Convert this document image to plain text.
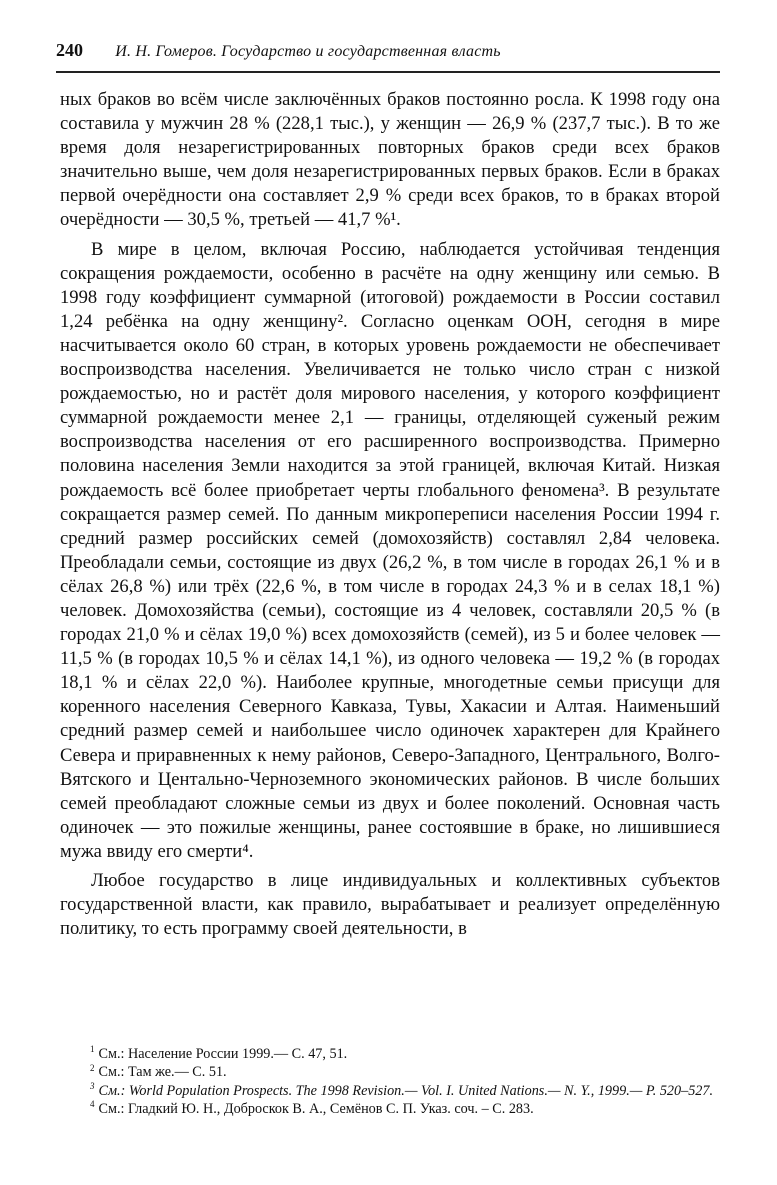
240 И. Н. Гомеров. Государство и государственная власть

ных браков во всём числе заключённых браков постоянно росла. К 1998 году она составила у мужчин 28 % (228,1 тыс.), у женщин — 26,9 % (237,7 тыс.). В то же время доля незарегистрированных повторных браков среди всех браков значительно выше, чем доля незарегистрированных первых браков. Если в браках первой очерёдности она составляет 2,9 % среди всех браков, то в браках второй очерёдности — 30,5 %, третьей — 41,7 %¹.

В мире в целом, включая Россию, наблюдается устойчивая тенденция сокращения рождаемости, особенно в расчёте на одну женщину или семью. В 1998 году коэффициент суммарной (итоговой) рождаемости в России составил 1,24 ребёнка на одну женщину². Согласно оценкам ООН, сегодня в мире насчитывается около 60 стран, в которых уровень рождаемости не обеспечивает воспроизводства населения. Увеличивается не только число стран с низкой рождаемостью, но и растёт доля мирового населения, у которого коэффициент суммарной рождаемости менее 2,1 — границы, отделяющей суженый режим воспроизводства населения от его расширенного воспроизводства. Примерно половина населения Земли находится за этой границей, включая Китай. Низкая рождаемость всё более приобретает черты глобального феномена³. В результате сокращается размер семей. По данным микропереписи населения России 1994 г. средний размер российских семей (домохозяйств) составлял 2,84 человека. Преобладали семьи, состоящие из двух (26,2 %, в том числе в городах 26,1 % и в сёлах 26,8 %) или трёх (22,6 %, в том числе в городах 24,3 % и в селах 18,1 %) человек. Домохозяйства (семьи), состоящие из 4 человек, составляли 20,5 % (в городах 21,0 % и сёлах 19,0 %) всех домохозяйств (семей), из 5 и более человек — 11,5 % (в городах 10,5 % и сёлах 14,1 %), из одного человека — 19,2 % (в городах 18,1 % и сёлах 22,0 %). Наиболее крупные, многодетные семьи присущи для коренного населения Северного Кавказа, Тувы, Хакасии и Алтая. Наименьший средний размер семей и наибольшее число одиночек характерен для Крайнего Севера и приравненных к нему районов, Северо-Западного, Центрального, Волго-Вятского и Центально-Черноземного экономических районов. В числе больших семей преобладают сложные семьи из двух и более поколений. Основная часть одиночек — это пожилые женщины, ранее состоявшие в браке, но лишившиеся мужа ввиду его смерти⁴.

Любое государство в лице индивидуальных и коллективных субъектов государственной власти, как правило, вырабатывает и реализует определённую политику, то есть программу своей деятельности, в

$^1$ См.: Население России 1999.— С. 47, 51.

$^2$ См.: Там же.— С. 51.

$^3$ См.: World Population Prospects. The 1998 Revision.— Vol. I. United Nations.— N. Y., 1999.— P. 520–527.

$^4$ См.: Гладкий Ю. Н., Доброскок В. А., Семёнов С. П. Указ. соч. – С. 283.
